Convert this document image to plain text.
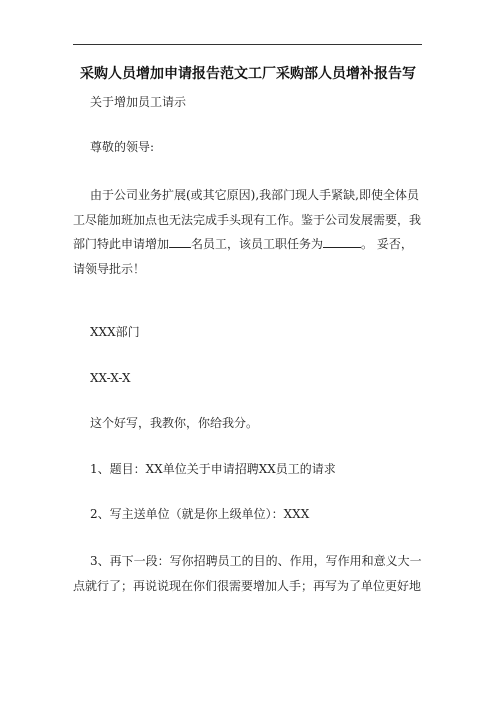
采购人员增加申请报告范文工厂采购部人员增补报告写

关于增加员工请示

尊敬的领导:

由于公司业务扩展(或其它原因),我部门现人手紧缺,即使全体员工尽能加班加点也无法完成手头现有工作。鉴于公司发展需要，我部门特此申请增加 名员工，该员工职任务为	。 妥否，请领导批示！

XXX部门

XX-X-X

这个好写，我教你，你给我分。

1、题目：XX单位关于申请招聘XX员工的请求

2、写主送单位（就是你上级单位）：XXX

3、再下一段：写你招聘员工的目的、作用，写作用和意义大一点就行了；再说说现在你们很需要增加人手；再写为了单位更好地
